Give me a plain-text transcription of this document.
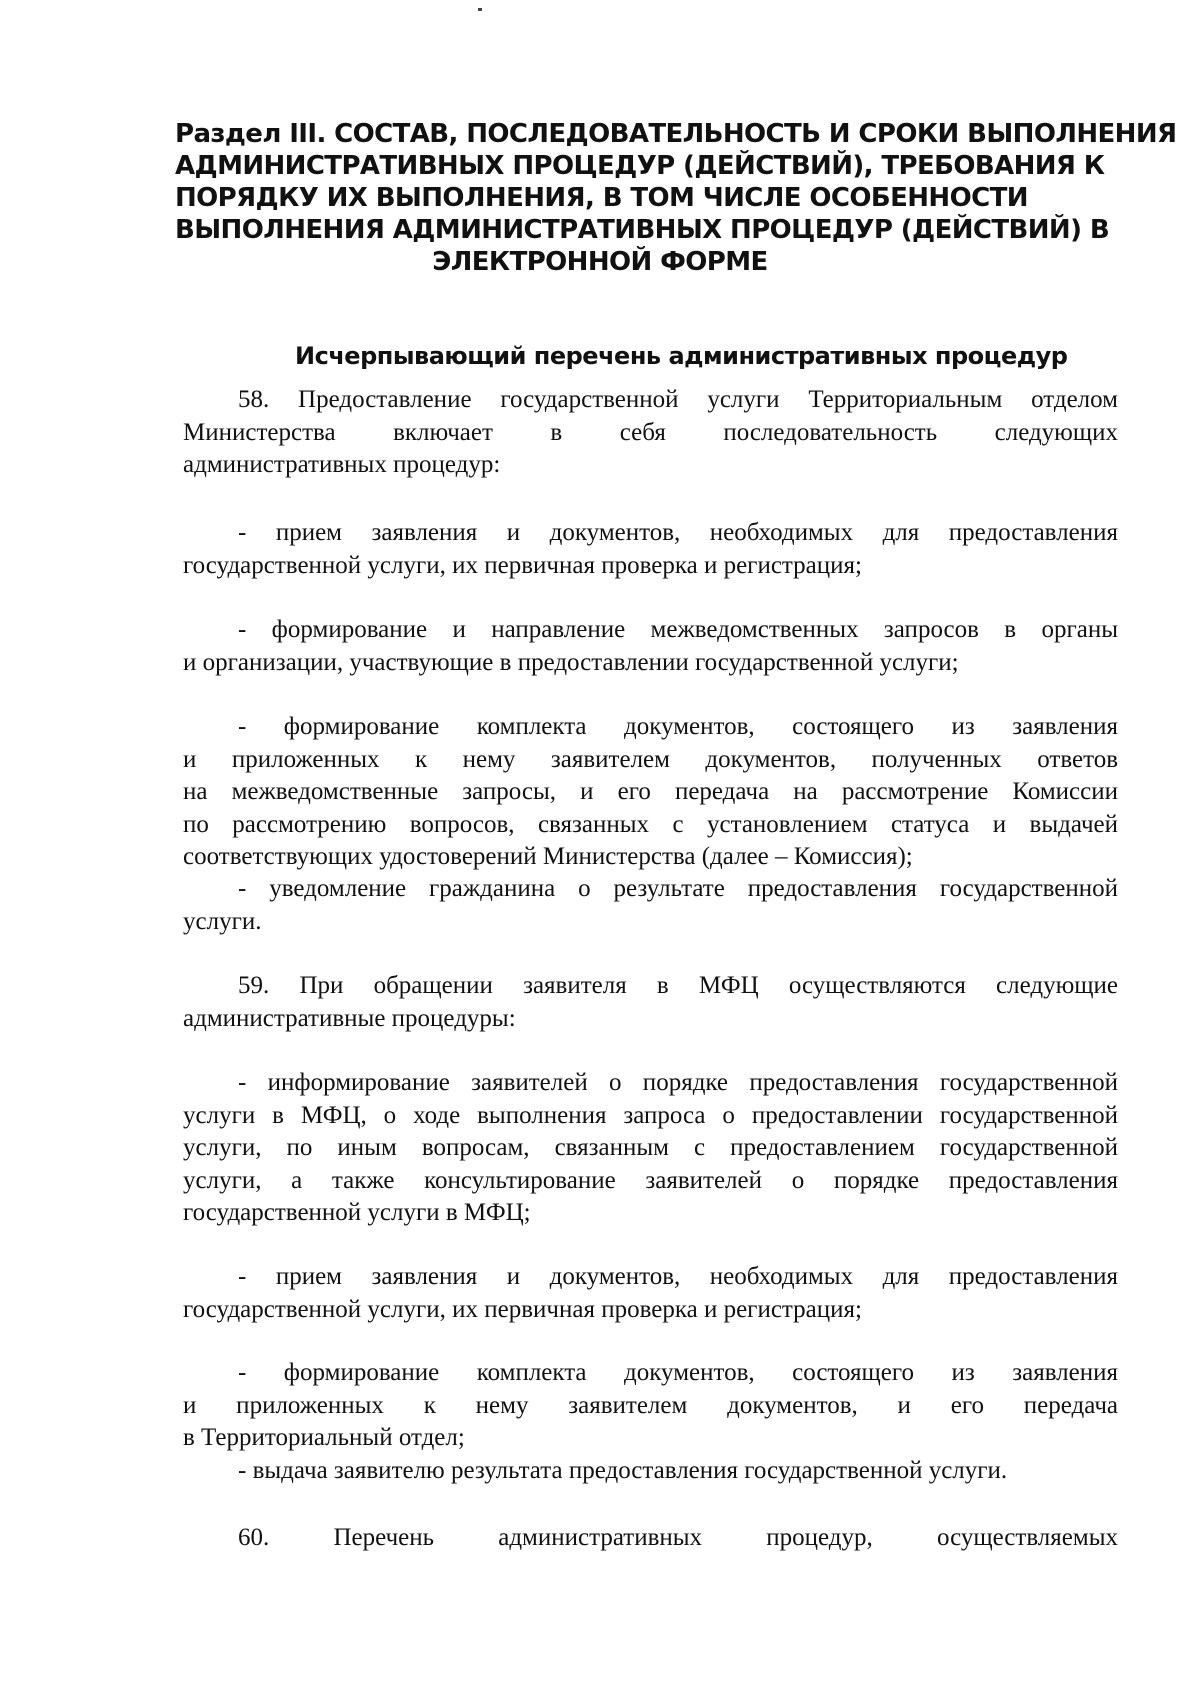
Раздел III. СОСТАВ, ПОСЛЕДОВАТЕЛЬНОСТЬ И СРОКИ ВЫПОЛНЕНИЯ
АДМИНИСТРАТИВНЫХ ПРОЦЕДУР (ДЕЙСТВИЙ), ТРЕБОВАНИЯ К
ПОРЯДКУ ИХ ВЫПОЛНЕНИЯ, В ТОМ ЧИСЛЕ ОСОБЕННОСТИ
ВЫПОЛНЕНИЯ АДМИНИСТРАТИВНЫХ ПРОЦЕДУР (ДЕЙСТВИЙ) В
ЭЛЕКТРОННОЙ ФОРМЕ
Исчерпывающий перечень административных процедур

58. Предоставление государственной услуги Территориальным отделом
Министерства включает в себя последовательность следующих
административных процедур:

- прием заявления и документов, необходимых для предоставления
государственной услуги, их первичная проверка и регистрация;

- формирование и направление межведомственных запросов в органы
и организации, участвующие в предоставлении государственной услуги;

- формирование комплекта документов, состоящего из заявления
и приложенных к нему заявителем документов, полученных ответов
на межведомственные запросы, и его передача на рассмотрение Комиссии
по рассмотрению вопросов, связанных с установлением статуса и выдачей
соответствующих удостоверений Министерства (далее – Комиссия);

- уведомление гражданина о результате предоставления государственной
услуги.

59. При обращении заявителя в МФЦ осуществляются следующие
административные процедуры:

- информирование заявителей о порядке предоставления государственной
услуги в МФЦ, о ходе выполнения запроса о предоставлении государственной
услуги, по иным вопросам, связанным с предоставлением государственной
услуги, а также консультирование заявителей о порядке предоставления
государственной услуги в МФЦ;

- прием заявления и документов, необходимых для предоставления
государственной услуги, их первичная проверка и регистрация;

- формирование комплекта документов, состоящего из заявления
и приложенных к нему заявителем документов, и его передача
в Территориальный отдел;

- выдача заявителю результата предоставления государственной услуги.

60. Перечень административных процедур, осуществляемых
